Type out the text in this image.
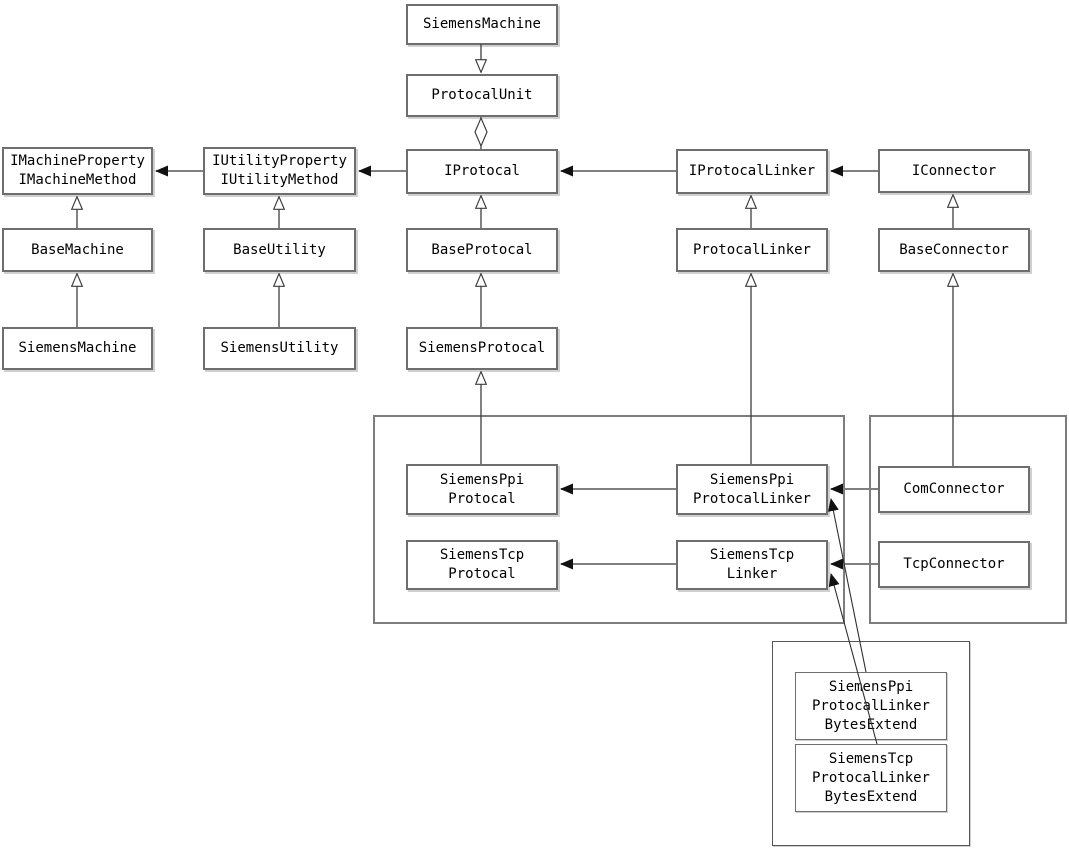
SiemensMachine
ProtocalUnit
IMachineProperty
IMachineMethod
IUtilityProperty
IUtilityMethod
IProtocal	IProtocalLinker	IConnector
BaseMachine	BaseUtility	BaseProtocal	ProtocalLinker	BaseConnector
SiemensMachine	SiemensUtility	SiemensProtocal
SiemensPpi
Protocal
SiemensPpi
ProtocalLinker
SiemensTcp
Protocal
SiemensTcp
Linker
ComConnector
TcpConnector
SiemensPpi
ProtocalLinker
BytesExtend
SiemensTcp
ProtocalLinker
BytesExtend
